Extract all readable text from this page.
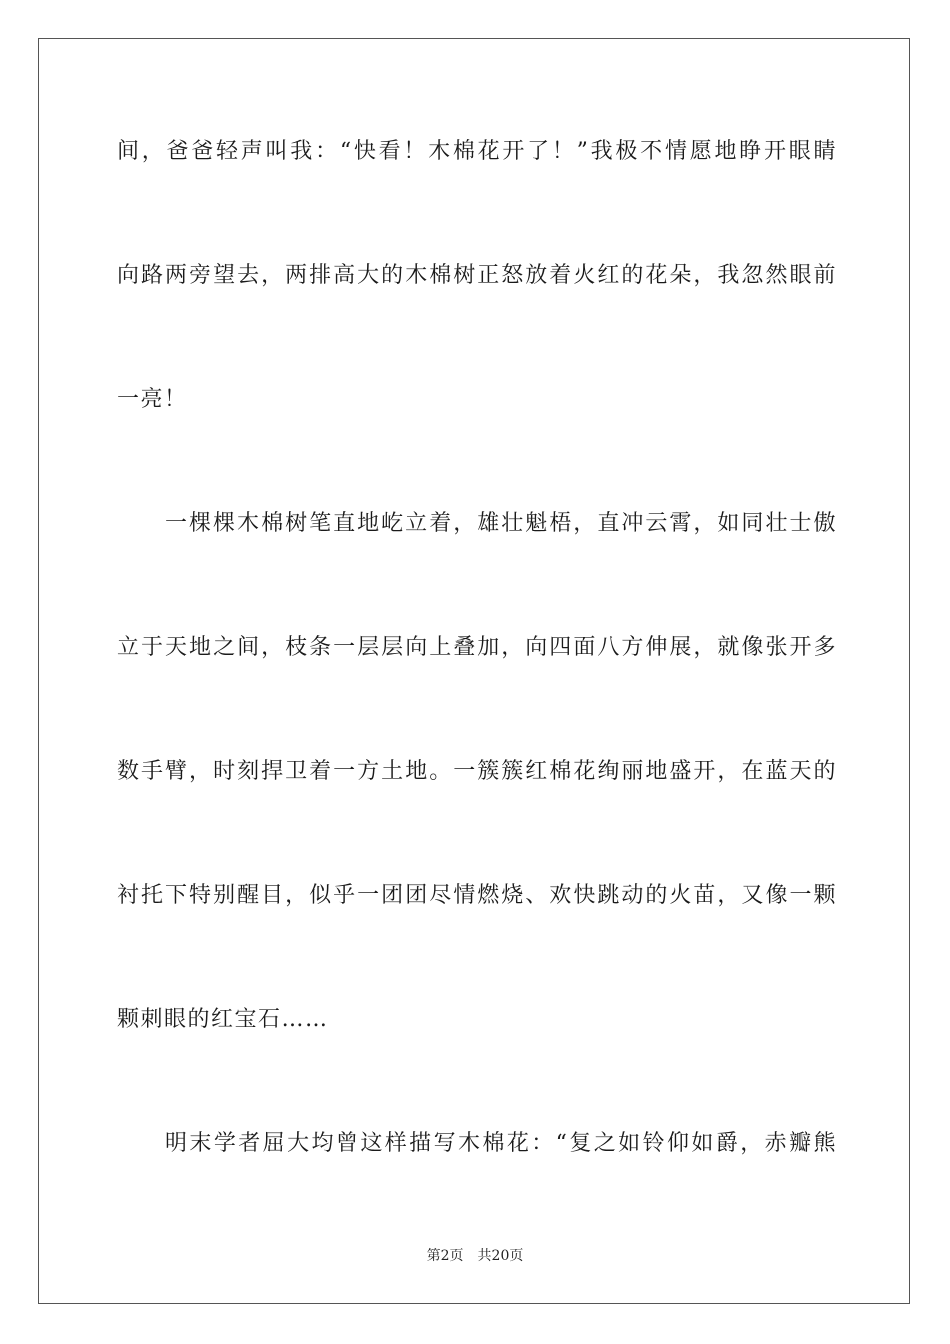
间，爸爸轻声叫我：“快看！木棉花开了！”我极不情愿地睁开眼睛
向路两旁望去，两排高大的木棉树正怒放着火红的花朵，我忽然眼前
一亮！
一棵棵木棉树笔直地屹立着，雄壮魁梧，直冲云霄，如同壮士傲
立于天地之间，枝条一层层向上叠加，向四面八方伸展，就像张开多
数手臂，时刻捍卫着一方土地。一簇簇红棉花绚丽地盛开，在蓝天的
衬托下特别醒目，似乎一团团尽情燃烧、欢快跳动的火苗，又像一颗
颗刺眼的红宝石……
明末学者屈大均曾这样描写木棉花：“复之如铃仰如爵，赤瓣熊
第2页 共20页
